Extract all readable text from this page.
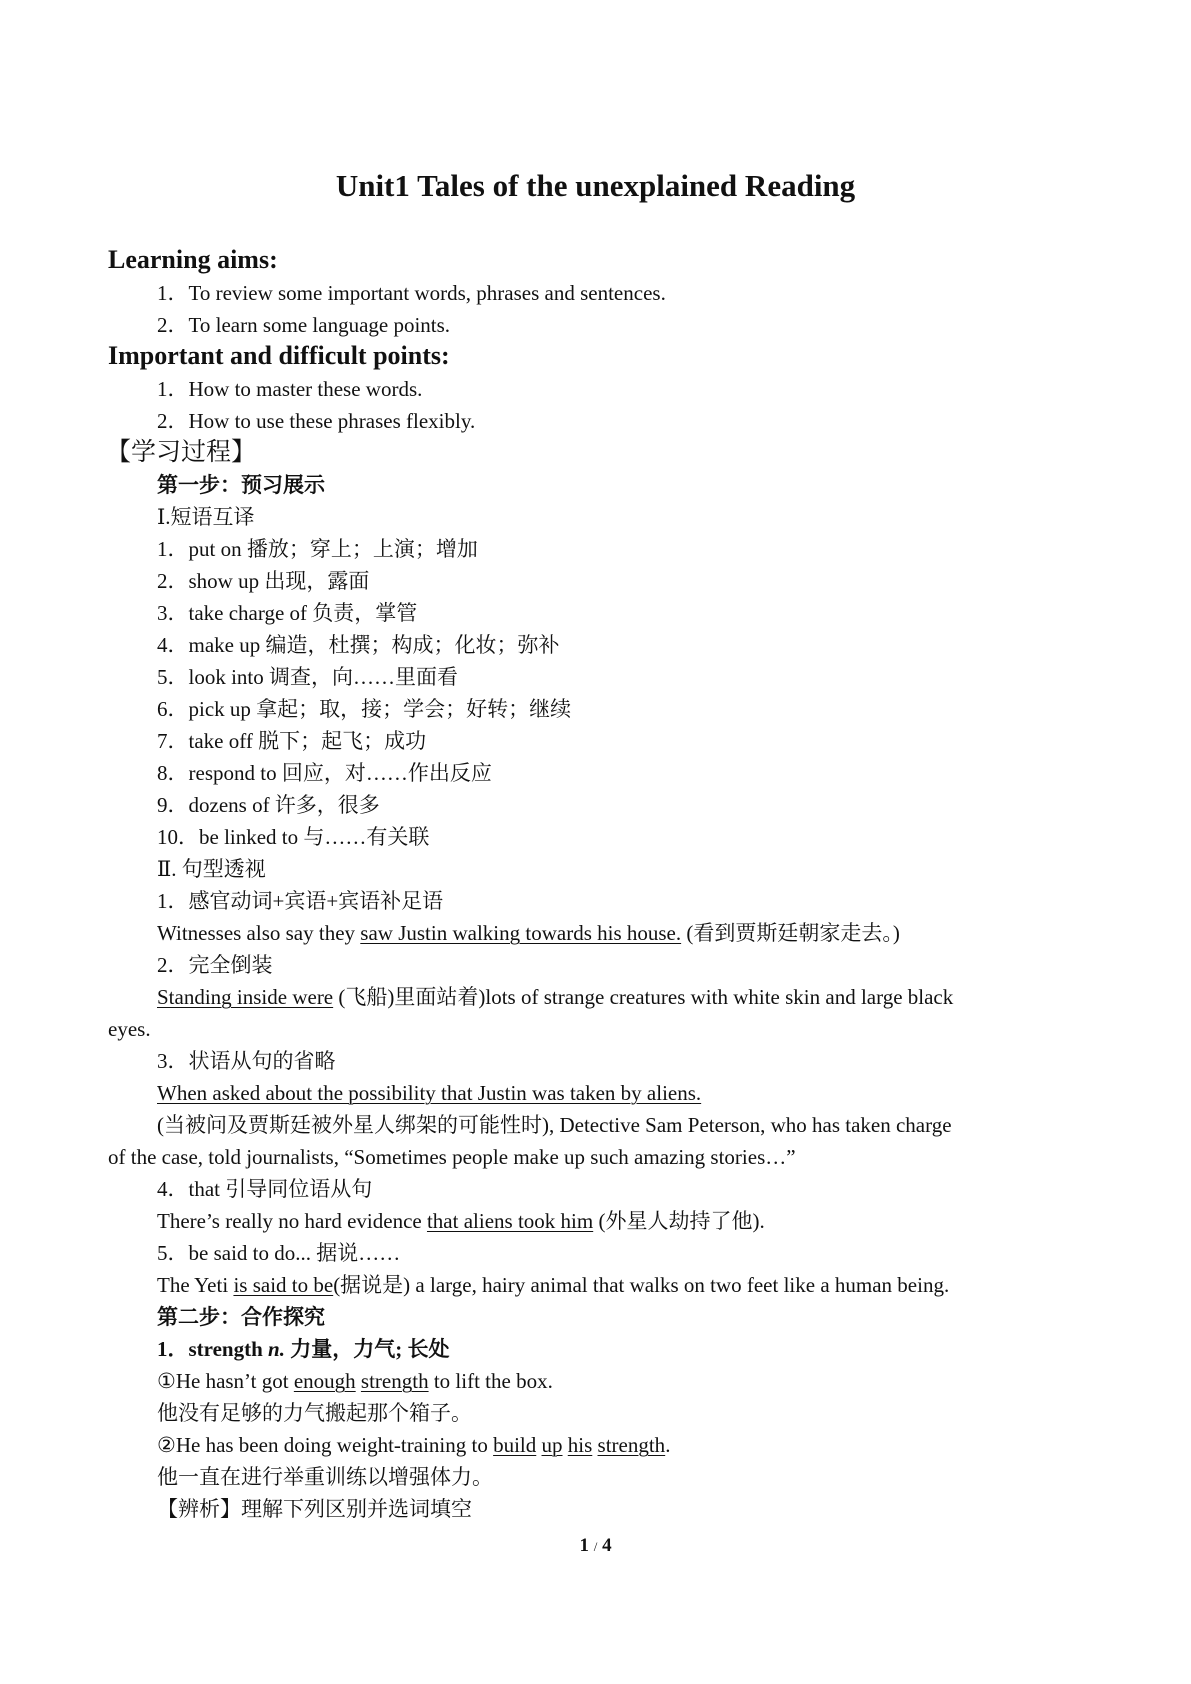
Unit1 Tales of the unexplained Reading
Learning aims:
1．To review some important words, phrases and sentences.
2．To learn some language points.
Important and difficult points:
1．How to master these words.
2．How to use these phrases flexibly.
【学习过程】
第一步：预习展示
Ⅰ.短语互译
1．put on 播放；穿上；上演；增加
2．show up 出现，露面
3．take charge of 负责，掌管
4．make up 编造，杜撰；构成；化妆；弥补
5．look into 调查，向……里面看
6．pick up 拿起；取，接；学会；好转；继续
7．take off 脱下；起飞；成功
8．respond to 回应，对……作出反应
9．dozens of 许多，很多
10．be linked to 与……有关联
Ⅱ. 句型透视
1．感官动词+宾语+宾语补足语
Witnesses also say they saw Justin walking towards his house. (看到贾斯廷朝家走去。)
2．完全倒装
Standing inside were (飞船)里面站着)lots of strange creatures with white skin and large black
eyes.
3．状语从句的省略
When asked about the possibility that Justin was taken by aliens.
(当被问及贾斯廷被外星人绑架的可能性时), Detective Sam Peterson, who has taken charge
of the case, told journalists, “Sometimes people make up such amazing stories…”
4．that 引导同位语从句
There’s really no hard evidence that aliens took him (外星人劫持了他).
5．be said to do... 据说……
The Yeti is said to be(据说是) a large, hairy animal that walks on two feet like a human being.
第二步：合作探究
1．strength n. 力量，力气; 长处
①He hasn’t got enough strength to lift the box.
他没有足够的力气搬起那个箱子。
②He has been doing weight-training to build up his strength.
他一直在进行举重训练以增强体力。
【辨析】理解下列区别并选词填空
1 / 4
